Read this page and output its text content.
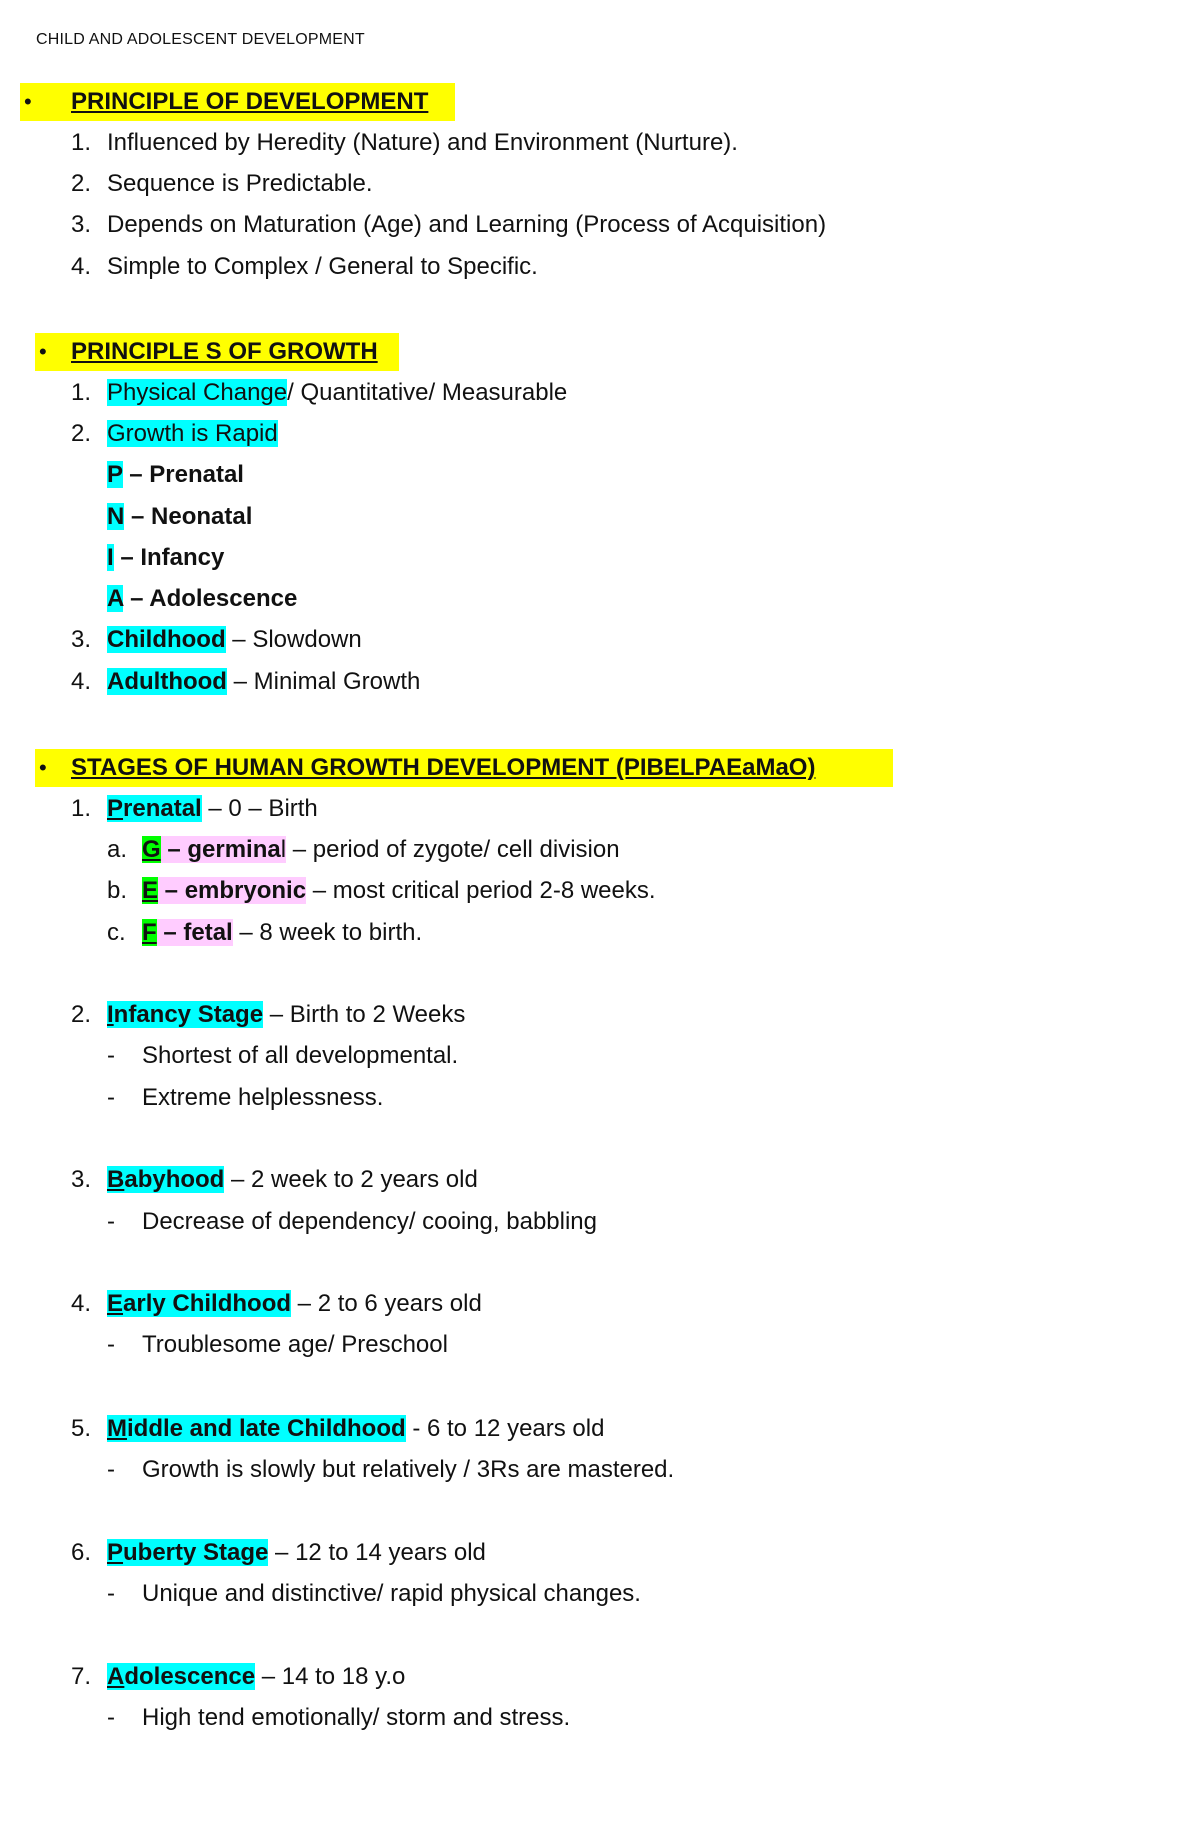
CHILD AND ADOLESCENT DEVELOPMENT
• PRINCIPLE OF DEVELOPMENT
1. Influenced by Heredity (Nature) and Environment (Nurture).
2. Sequence is Predictable.
3. Depends on Maturation (Age) and Learning (Process of Acquisition)
4. Simple to Complex / General to Specific.
• PRINCIPLE S OF GROWTH
1. Physical Change/ Quantitative/ Measurable
2. Growth is Rapid
P – Prenatal
N – Neonatal
I – Infancy
A – Adolescence
3. Childhood – Slowdown
4. Adulthood – Minimal Growth
• STAGES OF HUMAN GROWTH DEVELOPMENT (PIBELPAEaMaO)
1. Prenatal – 0 – Birth
a. G – germinal – period of zygote/ cell division
b. E – embryonic – most critical period 2-8 weeks.
c. F – fetal – 8 week to birth.
2. Infancy Stage – Birth to 2 Weeks
- Shortest of all developmental.
- Extreme helplessness.
3. Babyhood – 2 week to 2 years old
- Decrease of dependency/ cooing, babbling
4. Early Childhood – 2 to 6 years old
- Troublesome age/ Preschool
5. Middle and late Childhood - 6 to 12 years old
- Growth is slowly but relatively / 3Rs are mastered.
6. Puberty Stage – 12 to 14 years old
- Unique and distinctive/ rapid physical changes.
7. Adolescence – 14 to 18 y.o
- High tend emotionally/ storm and stress.
